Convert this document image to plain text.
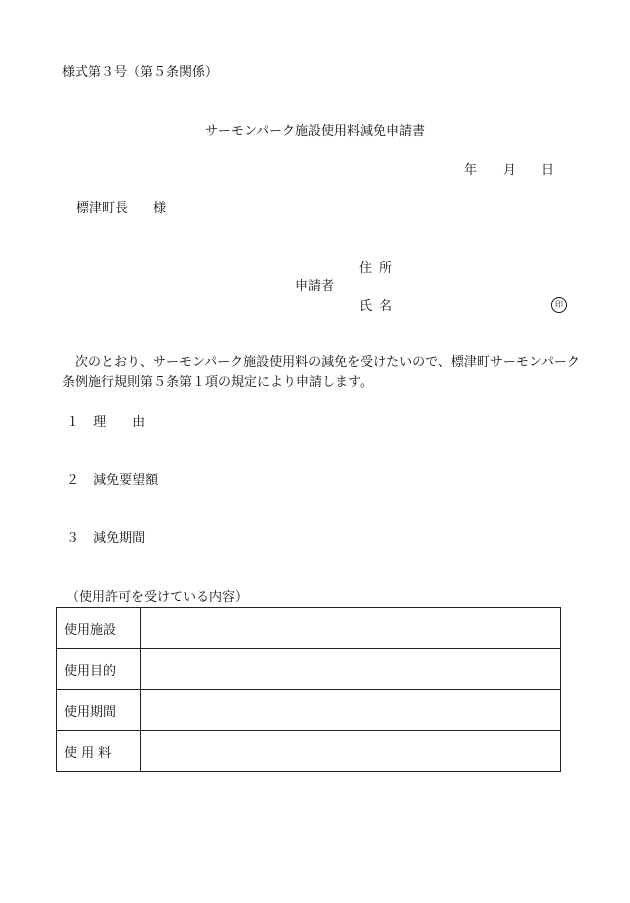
様式第３号（第５条関係）
サーモンパーク施設使用料減免申請書
年 月 日
標津町長 様
住所
申請者
氏名	印
次のとおり、サーモンパーク施設使用料の減免を受けたいので、標津町サーモンパーク条例施行規則第５条第１項の規定により申請します。
１ 理 由
２ 減免要望額
３ 減免期間
（使用許可を受けている内容）
使用施設	
使用目的	
使用期間	
使 用 料	
